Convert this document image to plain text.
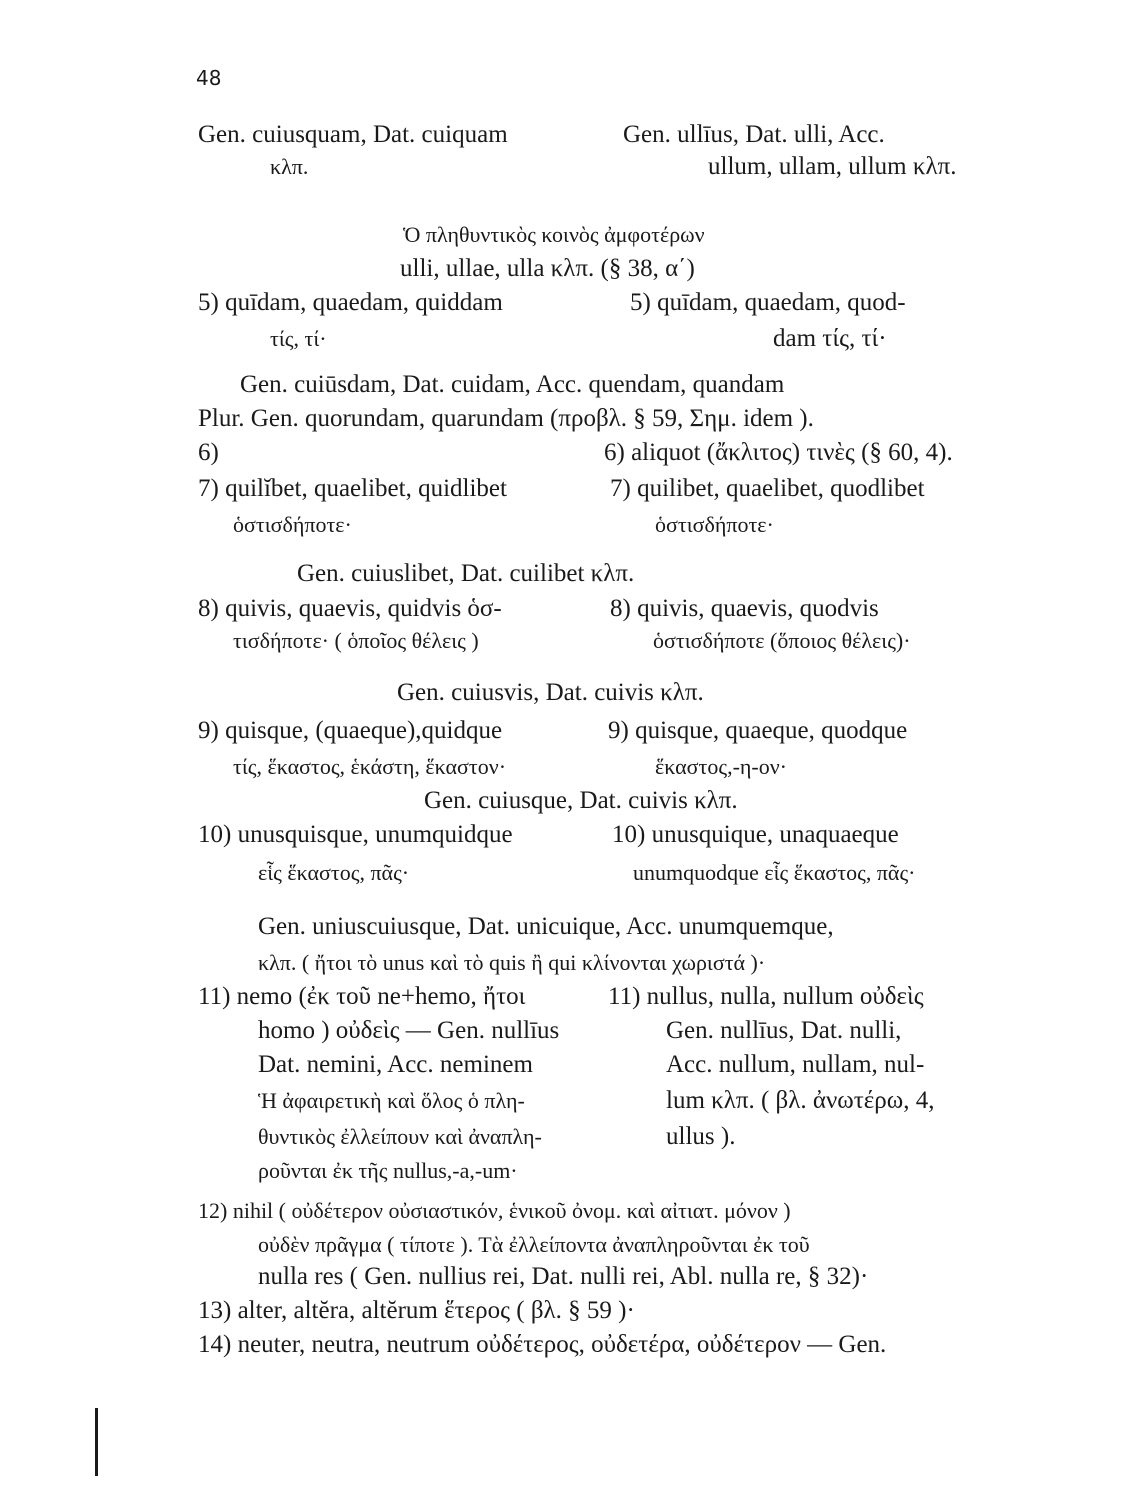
48
Gen. cuiusquam, Dat. cuiquam	Gen. ullīus, Dat. ulli, Acc.
κλπ.	ullum, ullam, ullum κλπ.
Ὁ πληθυντικὸς κοινὸς ἀμφοτέρων
ulli, ullae, ulla κλπ. (§ 38, α΄)
5) quīdam, quaedam, quiddam	5) quīdam, quaedam, quod-
τίς, τί·	dam τίς, τί·
Gen. cuiūsdam, Dat. cuidam, Acc. quendam, quandam
Plur. Gen. quorundam, quarundam (προβλ. § 59, Σημ. idem ).
6)	6) aliquot (ἄκλιτος) τινὲς (§ 60, 4).
7) quilĭbet, quaelibet, quidlibet	7) quilibet, quaelibet, quodlibet
ὁστισδήποτε·	ὁστισδήποτε·
Gen. cuiuslibet, Dat. cuilibet κλπ.
8) quivis, quaevis, quidvis ὁσ-	8) quivis, quaevis, quodvis
τισδήποτε· ( ὁποῖος θέλεις )	ὁστισδήποτε (ὅποιος θέλεις)·
Gen. cuiusvis, Dat. cuivis κλπ.
9) quisque, (quaeque),quidque	9) quisque, quaeque, quodque
τίς, ἕκαστος, ἑκάστη, ἕκαστον·	ἕκαστος,-η-ον·
Gen. cuiusque, Dat. cuivis κλπ.
10) unusquisque, unumquidque	10) unusquique, unaquaeque
εἷς ἕκαστος, πᾶς·	unumquodque εἷς ἕκαστος, πᾶς·
Gen. uniuscuiusque, Dat. unicuique, Acc. unumquemque,
κλπ. ( ἤτοι τὸ unus καὶ τὸ quis ἢ qui κλίνονται χωριστά )·
11) nemo (ἐκ τοῦ ne+hemo, ἤτοι	11) nullus, nulla, nullum οὐδεὶς
homo ) οὐδεὶς — Gen. nullīus	Gen. nullīus, Dat. nulli,
Dat. nemini, Acc. neminem	Acc. nullum, nullam, nul-
Ἡ ἀφαιρετικὴ καὶ ὅλος ὁ πλη-	lum κλπ. ( βλ. ἀνωτέρω, 4,
θυντικὸς ἐλλείπουν καὶ ἀναπλη-	ullus ).
ροῦνται ἐκ τῆς nullus,-a,-um·
12) nihil ( οὐδέτερον οὐσιαστικόν, ἑνικοῦ ὀνομ. καὶ αἰτιατ. μόνον )
οὐδὲν πρᾶγμα ( τίποτε ). Τὰ ἐλλείποντα ἀναπληροῦνται ἐκ τοῦ
nulla res ( Gen. nullius rei, Dat. nulli rei, Abl. nulla re, § 32)·
13) alter, altĕra, altĕrum ἕτερος ( βλ. § 59 )·
14) neuter, neutra, neutrum οὐδέτερος, οὐδετέρα, οὐδέτερον — Gen.
